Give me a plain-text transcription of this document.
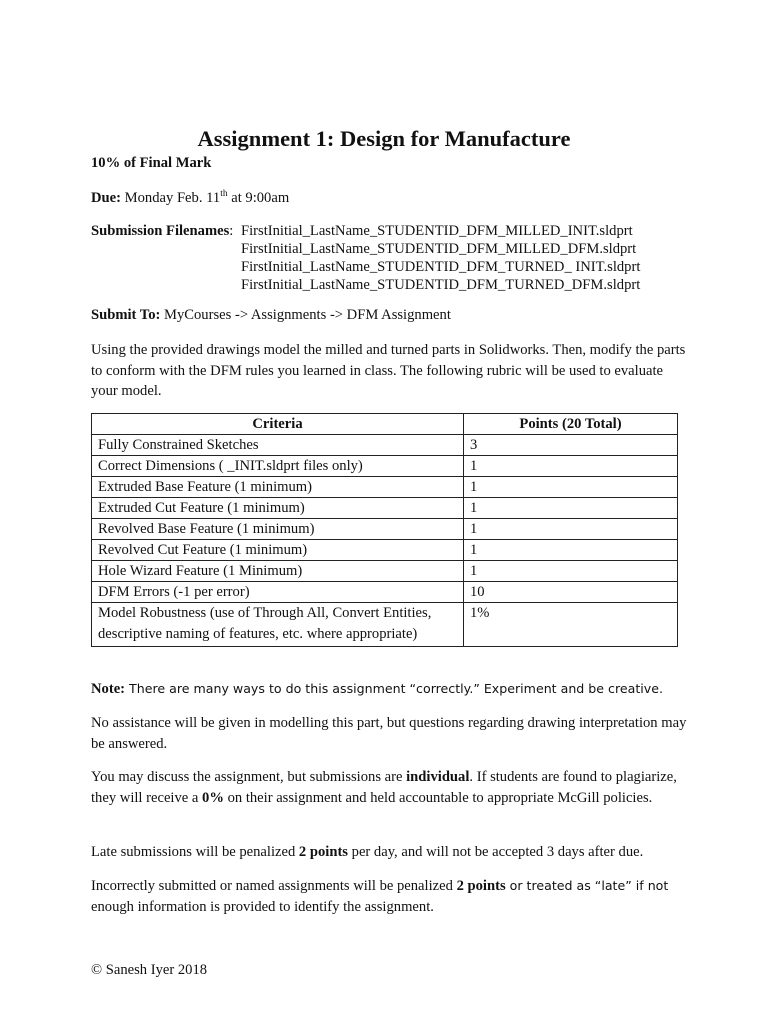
Assignment 1: Design for Manufacture
10% of Final Mark
Due: Monday Feb. 11th at 9:00am
Submission Filenames: FirstInitial_LastName_STUDENTID_DFM_MILLED_INIT.sldprt
FirstInitial_LastName_STUDENTID_DFM_MILLED_DFM.sldprt
FirstInitial_LastName_STUDENTID_DFM_TURNED_ INIT.sldprt
FirstInitial_LastName_STUDENTID_DFM_TURNED_DFM.sldprt
Submit To: MyCourses -> Assignments -> DFM Assignment
Using the provided drawings model the milled and turned parts in Solidworks. Then, modify the parts to conform with the DFM rules you learned in class. The following rubric will be used to evaluate your model.
Criteria	Points (20 Total)
Fully Constrained Sketches	3
Correct Dimensions ( _INIT.sldprt files only)	1
Extruded Base Feature (1 minimum)	1
Extruded Cut Feature (1 minimum)	1
Revolved Base Feature (1 minimum)	1
Revolved Cut Feature (1 minimum)	1
Hole Wizard Feature (1 Minimum)	1
DFM Errors (-1 per error)	10
Model Robustness (use of Through All, Convert Entities, descriptive naming of features, etc. where appropriate)	1%
Note: There are many ways to do this assignment “correctly.” Experiment and be creative.
No assistance will be given in modelling this part, but questions regarding drawing interpretation may be answered.
You may discuss the assignment, but submissions are individual. If students are found to plagiarize, they will receive a 0% on their assignment and held accountable to appropriate McGill policies.
Late submissions will be penalized 2 points per day, and will not be accepted 3 days after due.
Incorrectly submitted or named assignments will be penalized 2 points or treated as “late” if not enough information is provided to identify the assignment.
© Sanesh Iyer 2018
